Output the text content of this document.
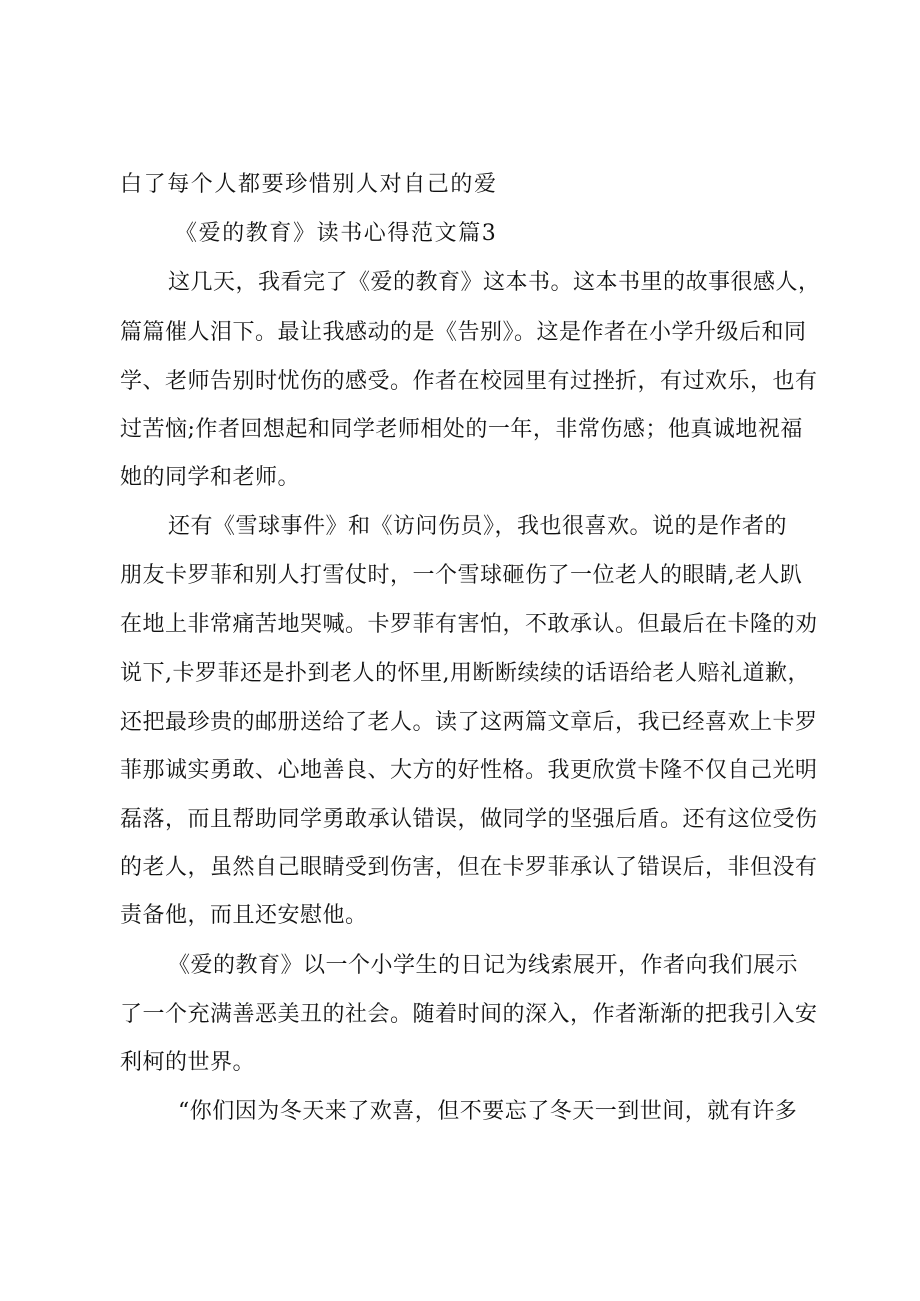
白了每个人都要珍惜别人对自己的爱
《爱的教育》读书心得范文篇3
这几天，我看完了《爱的教育》这本书。这本书里的故事很感人，
篇篇催人泪下。最让我感动的是《告别》。这是作者在小学升级后和同
学、老师告别时忧伤的感受。作者在校园里有过挫折，有过欢乐，也有
过苦恼;作者回想起和同学老师相处的一年，非常伤感；他真诚地祝福
她的同学和老师。
还有《雪球事件》和《访问伤员》，我也很喜欢。说的是作者的
朋友卡罗菲和别人打雪仗时，一个雪球砸伤了一位老人的眼睛,老人趴
在地上非常痛苦地哭喊。卡罗菲有害怕，不敢承认。但最后在卡隆的劝
说下,卡罗菲还是扑到老人的怀里,用断断续续的话语给老人赔礼道歉，
还把最珍贵的邮册送给了老人。读了这两篇文章后，我已经喜欢上卡罗
菲那诚实勇敢、心地善良、大方的好性格。我更欣赏卡隆不仅自己光明
磊落，而且帮助同学勇敢承认错误，做同学的坚强后盾。还有这位受伤
的老人，虽然自己眼睛受到伤害，但在卡罗菲承认了错误后，非但没有
责备他，而且还安慰他。
《爱的教育》以一个小学生的日记为线索展开，作者向我们展示
了一个充满善恶美丑的社会。随着时间的深入，作者渐渐的把我引入安
利柯的世界。
“你们因为冬天来了欢喜，但不要忘了冬天一到世间，就有许多
